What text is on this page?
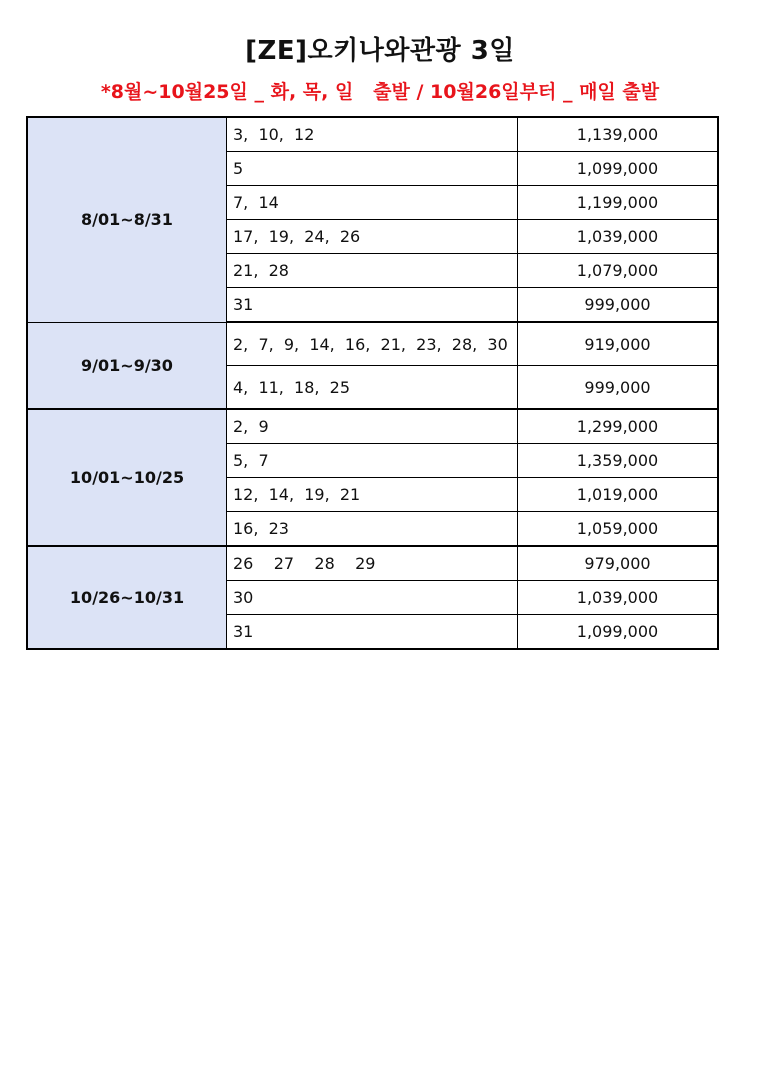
[ZE]오키나와관광 3일
*8월~10월25일 _ 화, 목, 일   출발 / 10월26일부터 _ 매일 출발
8/01~8/31	3,  10,  12	1,139,000
	5	1,099,000
	7,  14	1,199,000
	17,  19,  24,  26	1,039,000
	21,  28	1,079,000
	31	999,000
9/01~9/30	2,  7,  9,  14,  16,  21,  23,  28,  30	919,000
	4,  11,  18,  25	999,000
10/01~10/25	2,  9	1,299,000
	5,  7	1,359,000
	12,  14,  19,  21	1,019,000
	16,  23	1,059,000
10/26~10/31	26    27    28    29	979,000
	30	1,039,000
	31	1,099,000
